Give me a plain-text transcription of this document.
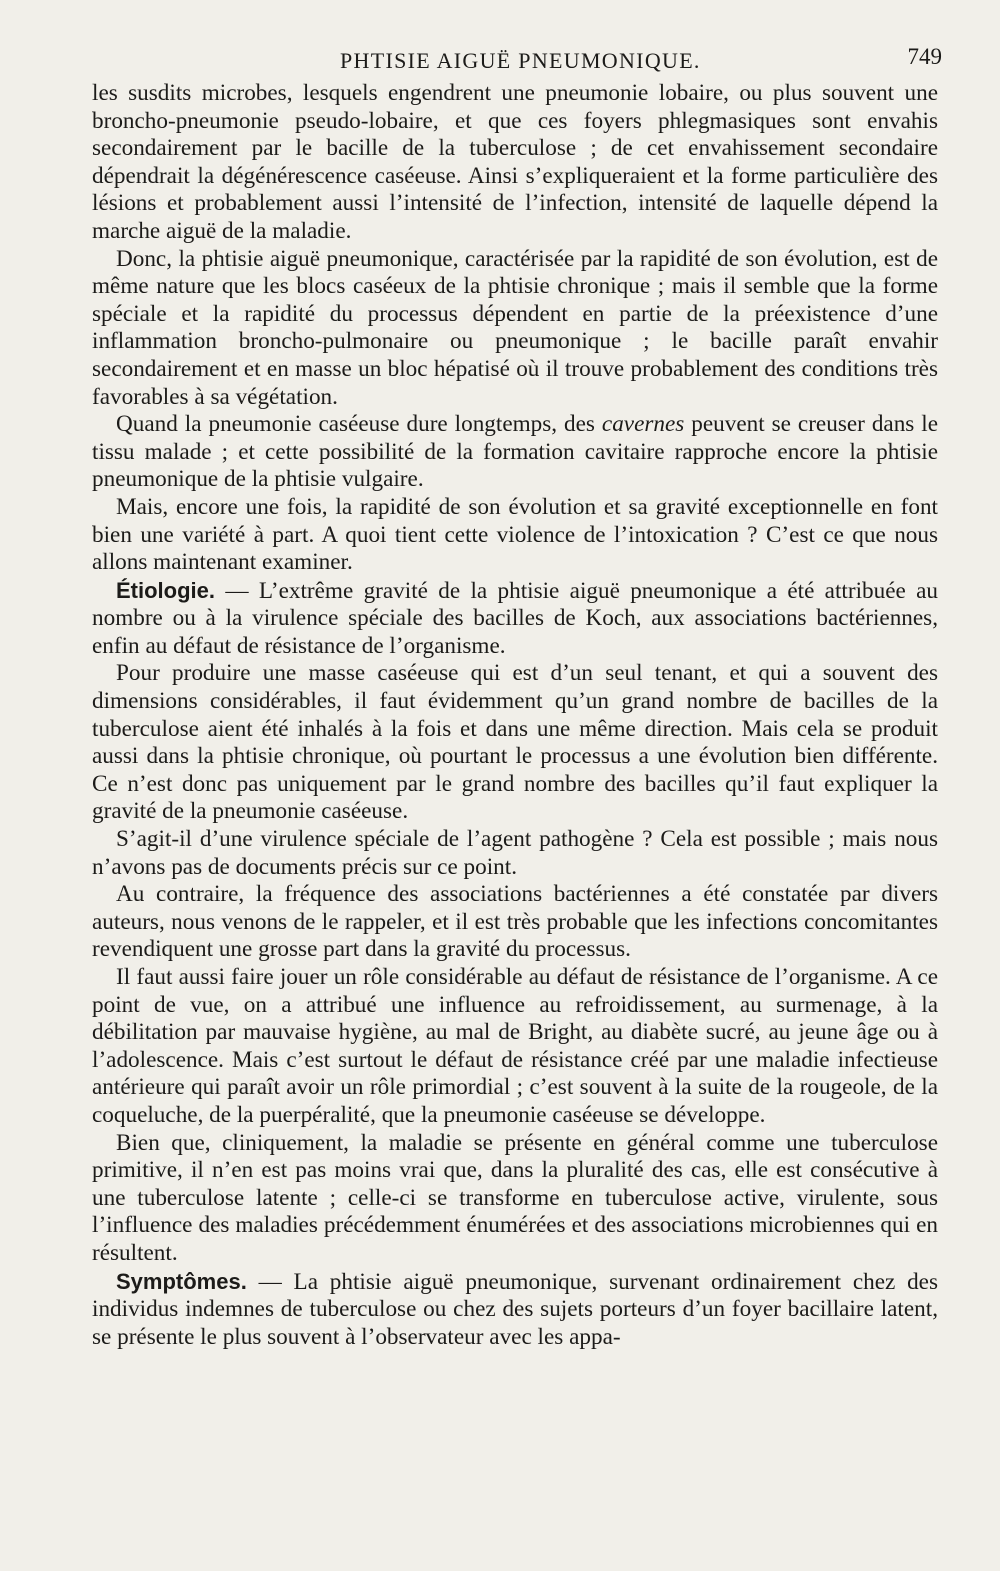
PHTISIE AIGUË PNEUMONIQUE.	749

les susdits microbes, lesquels engendrent une pneumonie lobaire, ou plus souvent une broncho-pneumonie pseudo-lobaire, et que ces foyers phlegmasiques sont envahis secondairement par le bacille de la tuberculose ; de cet envahissement secondaire dépendrait la dégénérescence caséeuse. Ainsi s’expliqueraient et la forme particulière des lésions et probablement aussi l’intensité de l’infection, intensité de laquelle dépend la marche aiguë de la maladie.

Donc, la phtisie aiguë pneumonique, caractérisée par la rapidité de son évolution, est de même nature que les blocs caséeux de la phtisie chronique ; mais il semble que la forme spéciale et la rapidité du processus dépendent en partie de la préexistence d’une inflammation broncho-pulmonaire ou pneumonique ; le bacille paraît envahir secondairement et en masse un bloc hépatisé où il trouve probablement des conditions très favorables à sa végétation.

Quand la pneumonie caséeuse dure longtemps, des cavernes peuvent se creuser dans le tissu malade ; et cette possibilité de la formation cavitaire rapproche encore la phtisie pneumonique de la phtisie vulgaire.

Mais, encore une fois, la rapidité de son évolution et sa gravité exceptionnelle en font bien une variété à part. A quoi tient cette violence de l’intoxication ? C’est ce que nous allons maintenant examiner.

Étiologie. — L’extrême gravité de la phtisie aiguë pneumonique a été attribuée au nombre ou à la virulence spéciale des bacilles de Koch, aux associations bactériennes, enfin au défaut de résistance de l’organisme.

Pour produire une masse caséeuse qui est d’un seul tenant, et qui a souvent des dimensions considérables, il faut évidemment qu’un grand nombre de bacilles de la tuberculose aient été inhalés à la fois et dans une même direction. Mais cela se produit aussi dans la phtisie chronique, où pourtant le processus a une évolution bien différente. Ce n’est donc pas uniquement par le grand nombre des bacilles qu’il faut expliquer la gravité de la pneumonie caséeuse.

S’agit-il d’une virulence spéciale de l’agent pathogène ? Cela est possible ; mais nous n’avons pas de documents précis sur ce point.

Au contraire, la fréquence des associations bactériennes a été constatée par divers auteurs, nous venons de le rappeler, et il est très probable que les infections concomitantes revendiquent une grosse part dans la gravité du processus.

Il faut aussi faire jouer un rôle considérable au défaut de résistance de l’organisme. A ce point de vue, on a attribué une influence au refroidissement, au surmenage, à la débilitation par mauvaise hygiène, au mal de Bright, au diabète sucré, au jeune âge ou à l’adolescence. Mais c’est surtout le défaut de résistance créé par une maladie infectieuse antérieure qui paraît avoir un rôle primordial ; c’est souvent à la suite de la rougeole, de la coqueluche, de la puerpéralité, que la pneumonie caséeuse se développe.

Bien que, cliniquement, la maladie se présente en général comme une tuberculose primitive, il n’en est pas moins vrai que, dans la pluralité des cas, elle est consécutive à une tuberculose latente ; celle-ci se transforme en tuberculose active, virulente, sous l’influence des maladies précédemment énumérées et des associations microbiennes qui en résultent.

Symptômes. — La phtisie aiguë pneumonique, survenant ordinairement chez des individus indemnes de tuberculose ou chez des sujets porteurs d’un foyer bacillaire latent, se présente le plus souvent à l’observateur avec les appa-
